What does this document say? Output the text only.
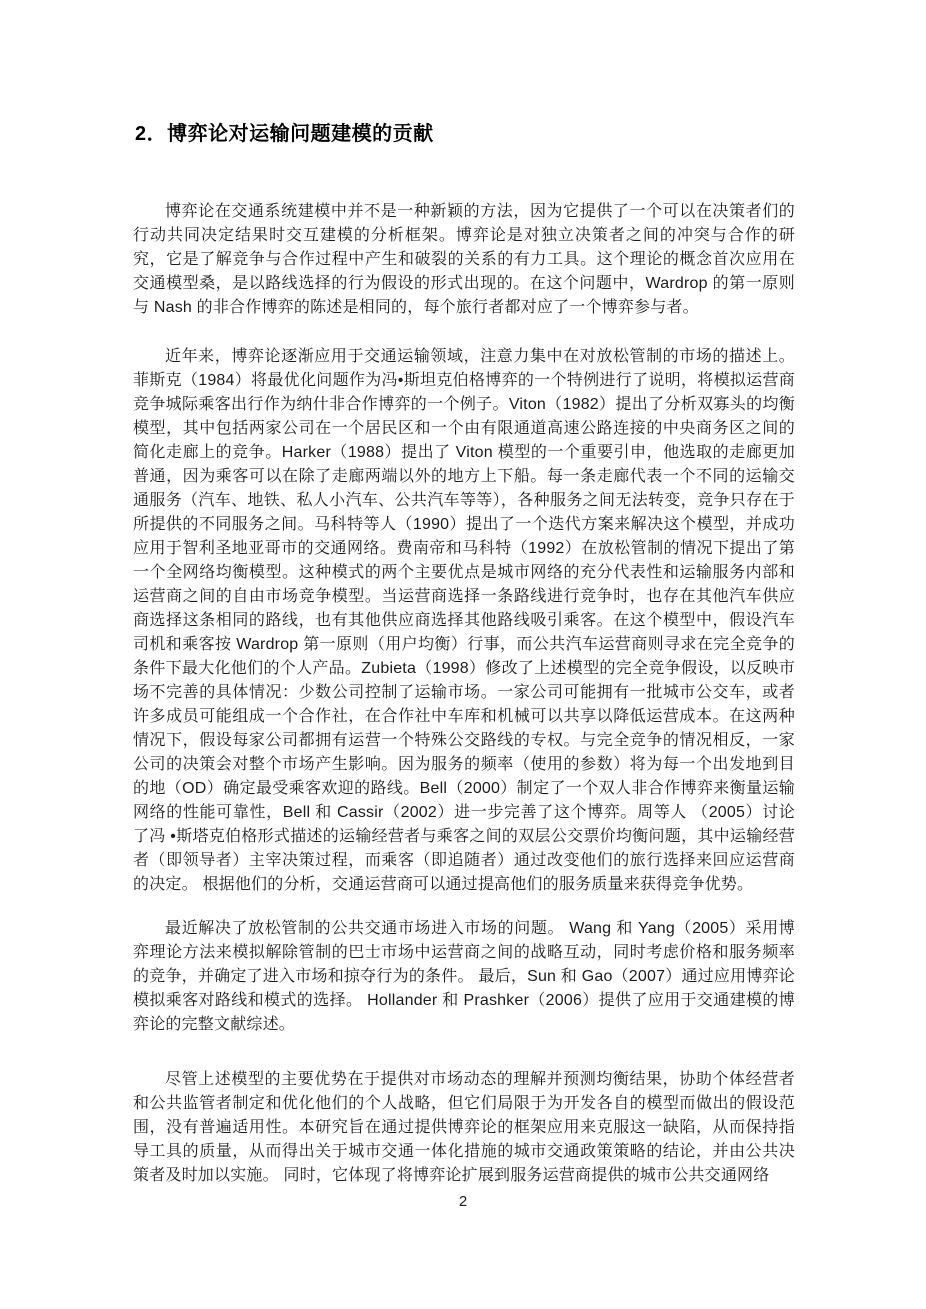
2．博弈论对运输问题建模的贡献

博弈论在交通系统建模中并不是一种新颖的方法，因为它提供了一个可以在决策者们的行动共同决定结果时交互建模的分析框架。博弈论是对独立决策者之间的冲突与合作的研究，它是了解竞争与合作过程中产生和破裂的关系的有力工具。这个理论的概念首次应用在交通模型桑，是以路线选择的行为假设的形式出现的。在这个问题中，Wardrop 的第一原则与 Nash 的非合作博弈的陈述是相同的，每个旅行者都对应了一个博弈参与者。

近年来，博弈论逐渐应用于交通运输领域，注意力集中在对放松管制的市场的描述上。菲斯克（1984）将最优化问题作为冯•斯坦克伯格博弈的一个特例进行了说明，将模拟运营商竞争城际乘客出行作为纳什非合作博弈的一个例子。Viton（1982）提出了分析双寡头的均衡模型，其中包括两家公司在一个居民区和一个由有限通道高速公路连接的中央商务区之间的简化走廊上的竞争。Harker（1988）提出了 Viton 模型的一个重要引申，他选取的走廊更加普通，因为乘客可以在除了走廊两端以外的地方上下船。每一条走廊代表一个不同的运输交通服务（汽车、地铁、私人小汽车、公共汽车等等），各种服务之间无法转变，竞争只存在于所提供的不同服务之间。马科特等人（1990）提出了一个迭代方案来解决这个模型，并成功应用于智利圣地亚哥市的交通网络。费南帝和马科特（1992）在放松管制的情况下提出了第一个全网络均衡模型。这种模式的两个主要优点是城市网络的充分代表性和运输服务内部和运营商之间的自由市场竞争模型。当运营商选择一条路线进行竞争时，也存在其他汽车供应商选择这条相同的路线，也有其他供应商选择其他路线吸引乘客。在这个模型中，假设汽车司机和乘客按 Wardrop 第一原则（用户均衡）行事，而公共汽车运营商则寻求在完全竞争的条件下最大化他们的个人产品。Zubieta（1998）修改了上述模型的完全竞争假设，以反映市场不完善的具体情况：少数公司控制了运输市场。一家公司可能拥有一批城市公交车，或者许多成员可能组成一个合作社，在合作社中车库和机械可以共享以降低运营成本。在这两种情况下，假设每家公司都拥有运营一个特殊公交路线的专权。与完全竞争的情况相反，一家公司的决策会对整个市场产生影响。因为服务的频率（使用的参数）将为每一个出发地到目的地（OD）确定最受乘客欢迎的路线。Bell（2000）制定了一个双人非合作博弈来衡量运输网络的性能可靠性，Bell 和 Cassir（2002）进一步完善了这个博弈。周等人 （2005）讨论了冯 •斯塔克伯格形式描述的运输经营者与乘客之间的双层公交票价均衡问题，其中运输经营者（即领导者）主宰决策过程，而乘客（即追随者）通过改变他们的旅行选择来回应运营商的决定。 根据他们的分析，交通运营商可以通过提高他们的服务质量来获得竞争优势。

最近解决了放松管制的公共交通市场进入市场的问题。 Wang 和 Yang（2005）采用博弈理论方法来模拟解除管制的巴士市场中运营商之间的战略互动，同时考虑价格和服务频率的竞争，并确定了进入市场和掠夺行为的条件。 最后，Sun 和 Gao（2007）通过应用博弈论模拟乘客对路线和模式的选择。 Hollander 和 Prashker（2006）提供了应用于交通建模的博弈论的完整文献综述。

尽管上述模型的主要优势在于提供对市场动态的理解并预测均衡结果，协助个体经营者和公共监管者制定和优化他们的个人战略，但它们局限于为开发各自的模型而做出的假设范围，没有普遍适用性。本研究旨在通过提供博弈论的框架应用来克服这一缺陷，从而保持指导工具的质量，从而得出关于城市交通一体化措施的城市交通政策策略的结论，并由公共决策者及时加以实施。 同时，它体现了将博弈论扩展到服务运营商提供的城市公共交通网络

2
